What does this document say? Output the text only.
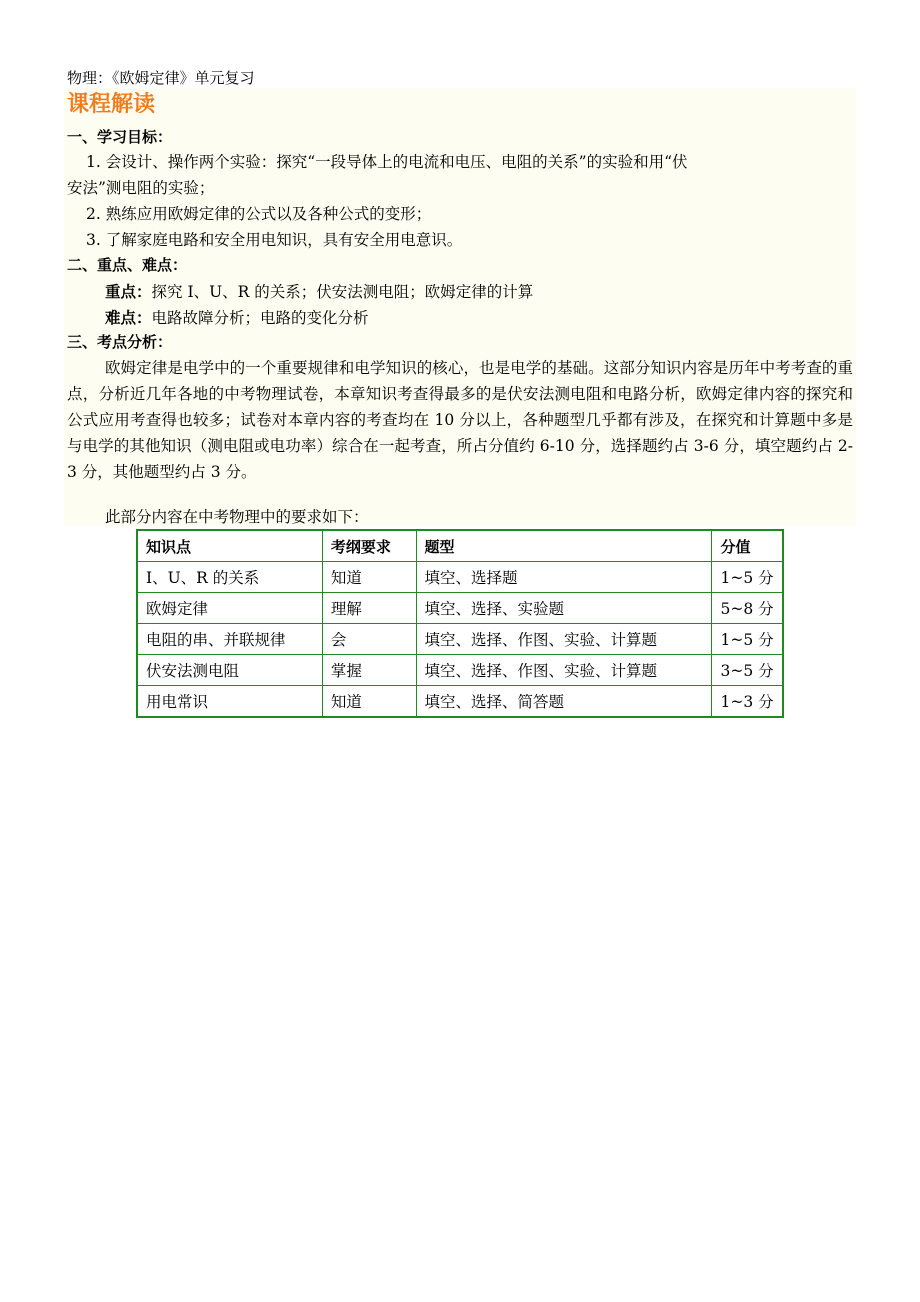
物理：《欧姆定律》单元复习
课程解读
一、学习目标：
1. 会设计、操作两个实验：探究“一段导体上的电流和电压、电阻的关系”的实验和用“伏
安法”测电阻的实验；
2. 熟练应用欧姆定律的公式以及各种公式的变形；
3. 了解家庭电路和安全用电知识，具有安全用电意识。
二、重点、难点：
重点：探究 I、U、R 的关系；伏安法测电阻；欧姆定律的计算
难点：电路故障分析；电路的变化分析
三、考点分析：
欧姆定律是电学中的一个重要规律和电学知识的核心，也是电学的基础。这部分知识内容是历年中考考查的重点，分析近几年各地的中考物理试卷，本章知识考查得最多的是伏安法测电阻和电路分析，欧姆定律内容的探究和公式应用考查得也较多；试卷对本章内容的考查均在 10 分以上，各种题型几乎都有涉及，在探究和计算题中多是与电学的其他知识（测电阻或电功率）综合在一起考查，所占分值约 6-10 分，选择题约占 3-6 分，填空题约占 2-3 分，其他题型约占 3 分。
此部分内容在中考物理中的要求如下：
知识点	考纲要求	题型	分值
I、U、R 的关系	知道	填空、选择题	1~5 分
欧姆定律	理解	填空、选择、实验题	5~8 分
电阻的串、并联规律	会	填空、选择、作图、实验、计算题	1~5 分
伏安法测电阻	掌握	填空、选择、作图、实验、计算题	3~5 分
用电常识	知道	填空、选择、简答题	1~3 分
